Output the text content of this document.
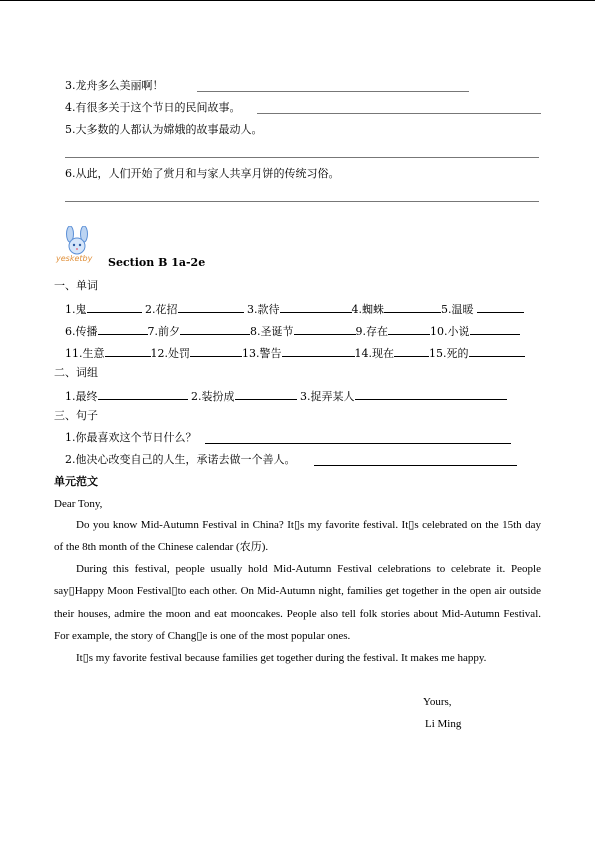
3.龙舟多么美丽啊！
4.有很多关于这个节日的民间故事。
5.大多数的人都认为嫦娥的故事最动人。
6.从此，人们开始了赏月和与家人共享月饼的传统习俗。
yesketby Section B 1a-2e
一、单词
1.鬼	2.花招	3.款待	4.蜘蛛	5.温暖
6.传播	7.前夕	8.圣诞节	9.存在	10.小说
11.生意	12.处罚	13.警告	14.现在	15.死的
二、词组
1.最终	2.装扮成	3.捉弄某人
三、句子
1.你最喜欢这个节日什么？
2.他决心改变自己的人生，承诺去做一个善人。
单元范文
Dear Tony,
Do you know Mid-Autumn Festival in China? It▯s my favorite festival. It▯s celebrated on the 15th day of the 8th month of the Chinese calendar (农历).
During this festival, people usually hold Mid-Autumn Festival celebrations to celebrate it. People say▯Happy Moon Festival▯to each other. On Mid-Autumn night, families get together in the open air outside their houses, admire the moon and eat mooncakes. People also tell folk stories about Mid-Autumn Festival. For example, the story of Chang▯e is one of the most popular ones.
It▯s my favorite festival because families get together during the festival. It makes me happy.
Yours,
Li Ming
